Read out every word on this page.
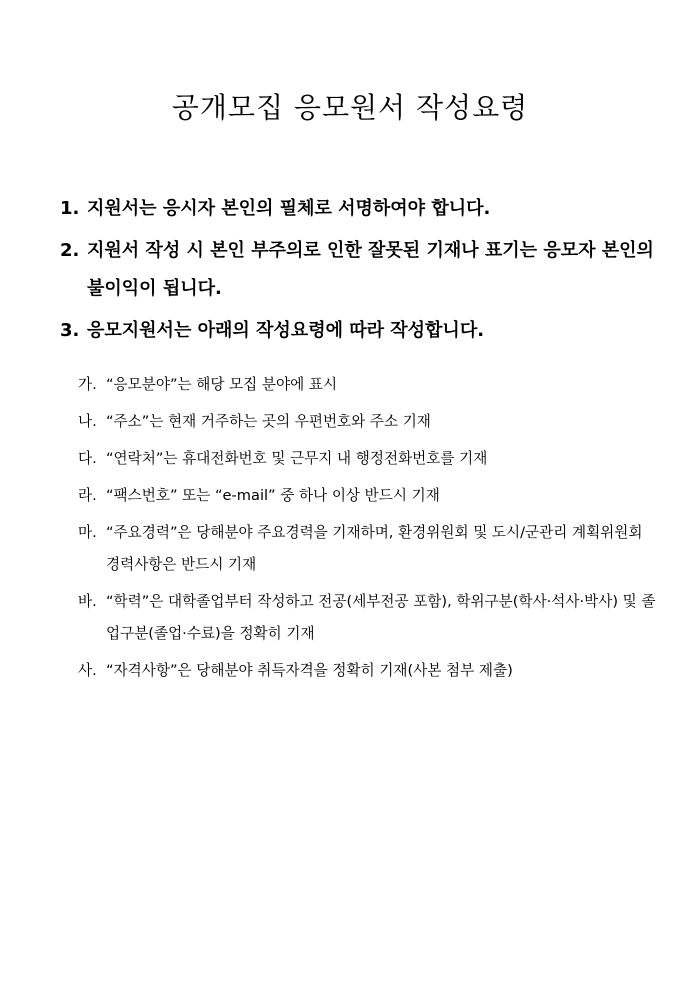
공개모집 응모원서 작성요령
1. 지원서는 응시자 본인의 필체로 서명하여야 합니다.
2. 지원서 작성 시 본인 부주의로 인한 잘못된 기재나 표기는 응모자 본인의 불이익이 됩니다.
3. 응모지원서는 아래의 작성요령에 따라 작성합니다.
가. “응모분야”는 해당 모집 분야에 표시
나. “주소”는 현재 거주하는 곳의 우편번호와 주소 기재
다. “연락처”는 휴대전화번호 및 근무지 내 행정전화번호를 기재
라. “팩스번호” 또는 “e-mail” 중 하나 이상 반드시 기재
마. “주요경력”은 당해분야 주요경력을 기재하며, 환경위원회 및 도시/군관리 계획위원회 경력사항은 반드시 기재
바. “학력”은 대학졸업부터 작성하고 전공(세부전공 포함), 학위구분(학사·석사·박사) 및 졸업구분(졸업·수료)을 정확히 기재
사. “자격사항”은 당해분야 취득자격을 정확히 기재(사본 첨부 제출)
